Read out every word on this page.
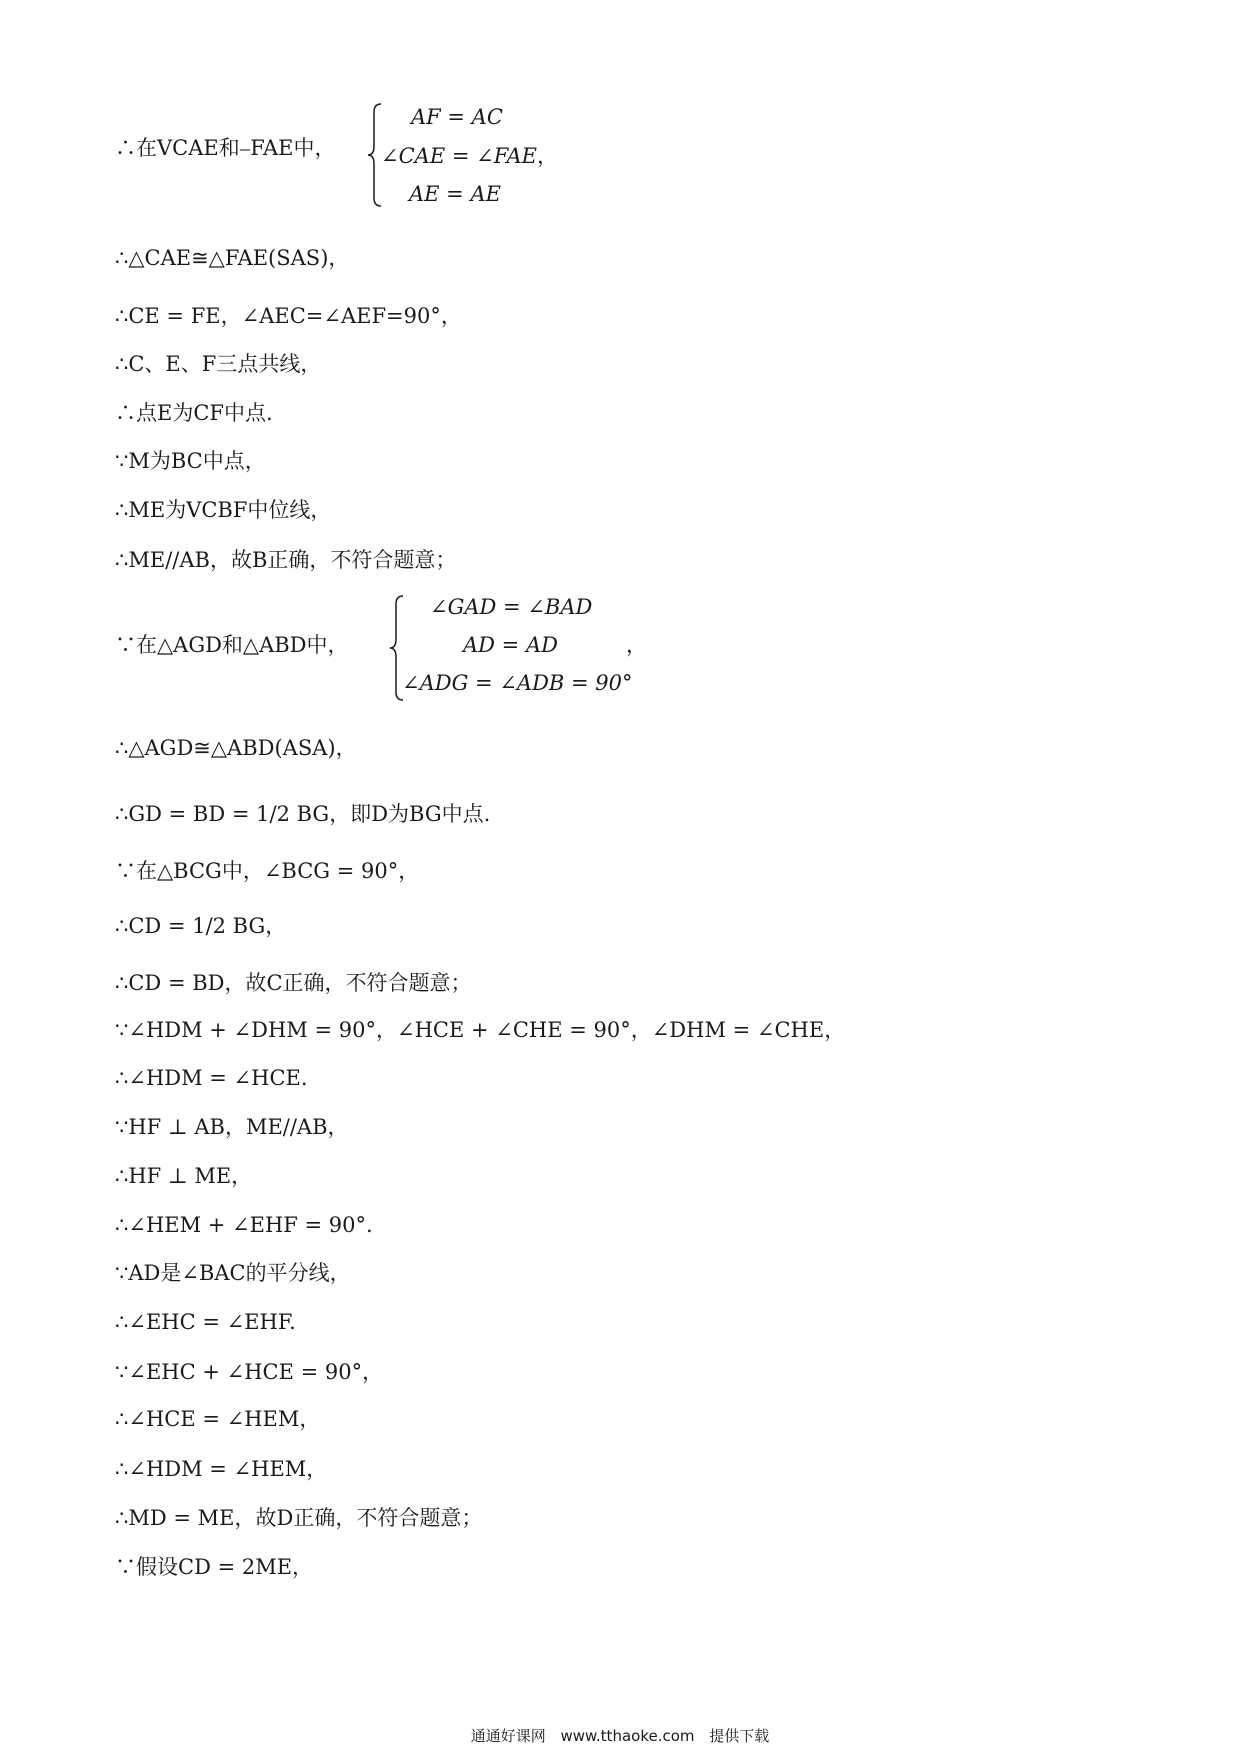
∴在VCAE和⎯FAE中，
AF = AC
∠CAE = ∠FAE
AE = AE
，
∴△CAE≅△FAE(SAS)，
∴CE = FE，∠AEC=∠AEF=90°，
∴C、E、F三点共线，
∴点E为CF中点.
∵M为BC中点，
∴ME为VCBF中位线，
∴ME//AB，故B正确，不符合题意；
∵在△AGD和△ABD中，
∠GAD = ∠BAD
AD = AD
∠ADG = ∠ADB = 90°
，
∴△AGD≅△ABD(ASA)，
∴GD = BD = 1/2 BG，即D为BG中点.
∵在△BCG中，∠BCG = 90°，
∴CD = 1/2 BG，
∴CD = BD，故C正确，不符合题意；
∵∠HDM + ∠DHM = 90°，∠HCE + ∠CHE = 90°，∠DHM = ∠CHE，
∴∠HDM = ∠HCE.
∵HF ⊥ AB，ME//AB，
∴HF ⊥ ME，
∴∠HEM + ∠EHF = 90°.
∵AD是∠BAC的平分线，
∴∠EHC = ∠EHF.
∵∠EHC + ∠HCE = 90°，
∴∠HCE = ∠HEM，
∴∠HDM = ∠HEM，
∴MD = ME，故D正确，不符合题意；
∵假设CD = 2ME，
通通好课网 www.tthaoke.com 提供下载
